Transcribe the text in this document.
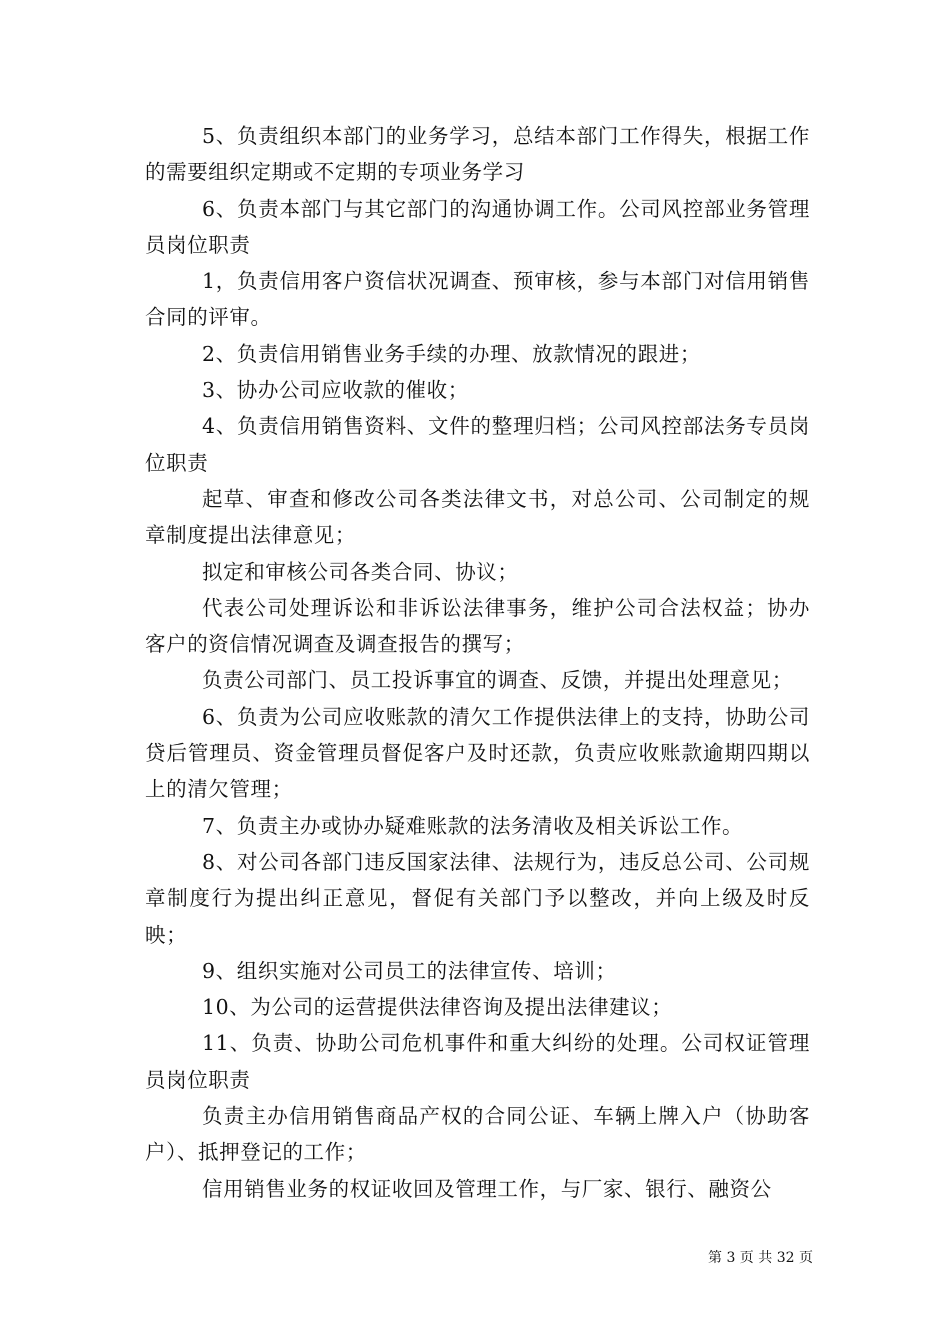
5、负责组织本部门的业务学习，总结本部门工作得失，根据工作的需要组织定期或不定期的专项业务学习

6、负责本部门与其它部门的沟通协调工作。公司风控部业务管理员岗位职责

1，负责信用客户资信状况调查、预审核，参与本部门对信用销售合同的评审。

2、负责信用销售业务手续的办理、放款情况的跟进；

3、协办公司应收款的催收；

4、负责信用销售资料、文件的整理归档；公司风控部法务专员岗位职责

起草、审查和修改公司各类法律文书，对总公司、公司制定的规章制度提出法律意见；

拟定和审核公司各类合同、协议；

代表公司处理诉讼和非诉讼法律事务，维护公司合法权益；协办客户的资信情况调查及调查报告的撰写；

负责公司部门、员工投诉事宜的调查、反馈，并提出处理意见；

6、负责为公司应收账款的清欠工作提供法律上的支持，协助公司贷后管理员、资金管理员督促客户及时还款，负责应收账款逾期四期以上的清欠管理；

7、负责主办或协办疑难账款的法务清收及相关诉讼工作。

8、对公司各部门违反国家法律、法规行为，违反总公司、公司规章制度行为提出纠正意见，督促有关部门予以整改，并向上级及时反映；

9、组织实施对公司员工的法律宣传、培训；

10、为公司的运营提供法律咨询及提出法律建议；

11、负责、协助公司危机事件和重大纠纷的处理。公司权证管理员岗位职责

负责主办信用销售商品产权的合同公证、车辆上牌入户（协助客户）、抵押登记的工作；

信用销售业务的权证收回及管理工作，与厂家、银行、融资公

第 3 页 共 32 页
